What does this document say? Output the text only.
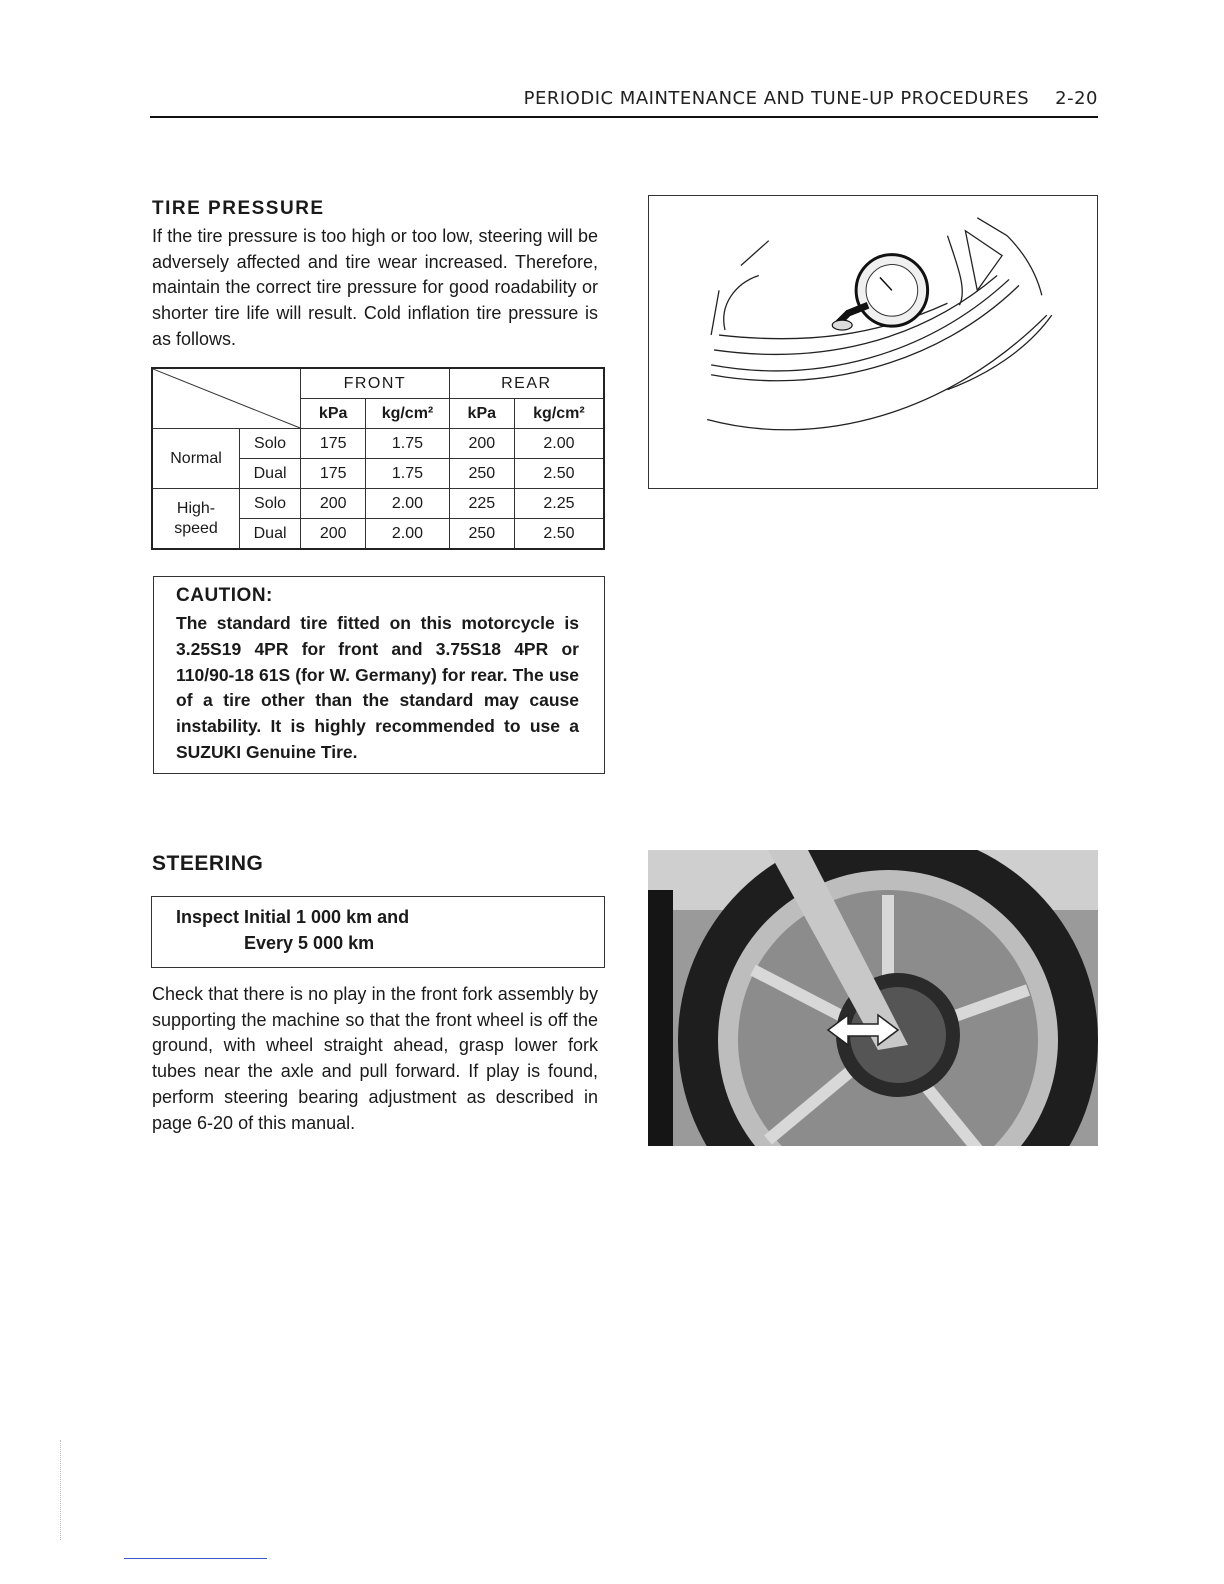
PERIODIC MAINTENANCE AND TUNE-UP PROCEDURES 2-20
TIRE PRESSURE
If the tire pressure is too high or too low, steering will be adversely affected and tire wear increased. Therefore, maintain the correct tire pressure for good roadability or shorter tire life will result. Cold inflation tire pressure is as follows.
	FRONT		REAR	
		kPa	kg/cm²	kPa	kg/cm²
Normal	Solo	175	1.75	200	2.00
	Dual	175	1.75	250	2.50
High-
speed	Solo	200	2.00	225	2.25
	Dual	200	2.00	250	2.50
CAUTION:
The standard tire fitted on this motorcycle is 3.25S19 4PR for front and 3.75S18 4PR or 110/90-18 61S (for W. Germany) for rear. The use of a tire other than the standard may cause instability. It is highly recommended to use a SUZUKI Genuine Tire.
STEERING
Inspect Initial 1 000 km and
Every 5 000 km
Check that there is no play in the front fork assembly by supporting the machine so that the front wheel is off the ground, with wheel straight ahead, grasp lower fork tubes near the axle and pull forward. If play is found, perform steering bearing adjustment as described in page 6-20 of this manual.
